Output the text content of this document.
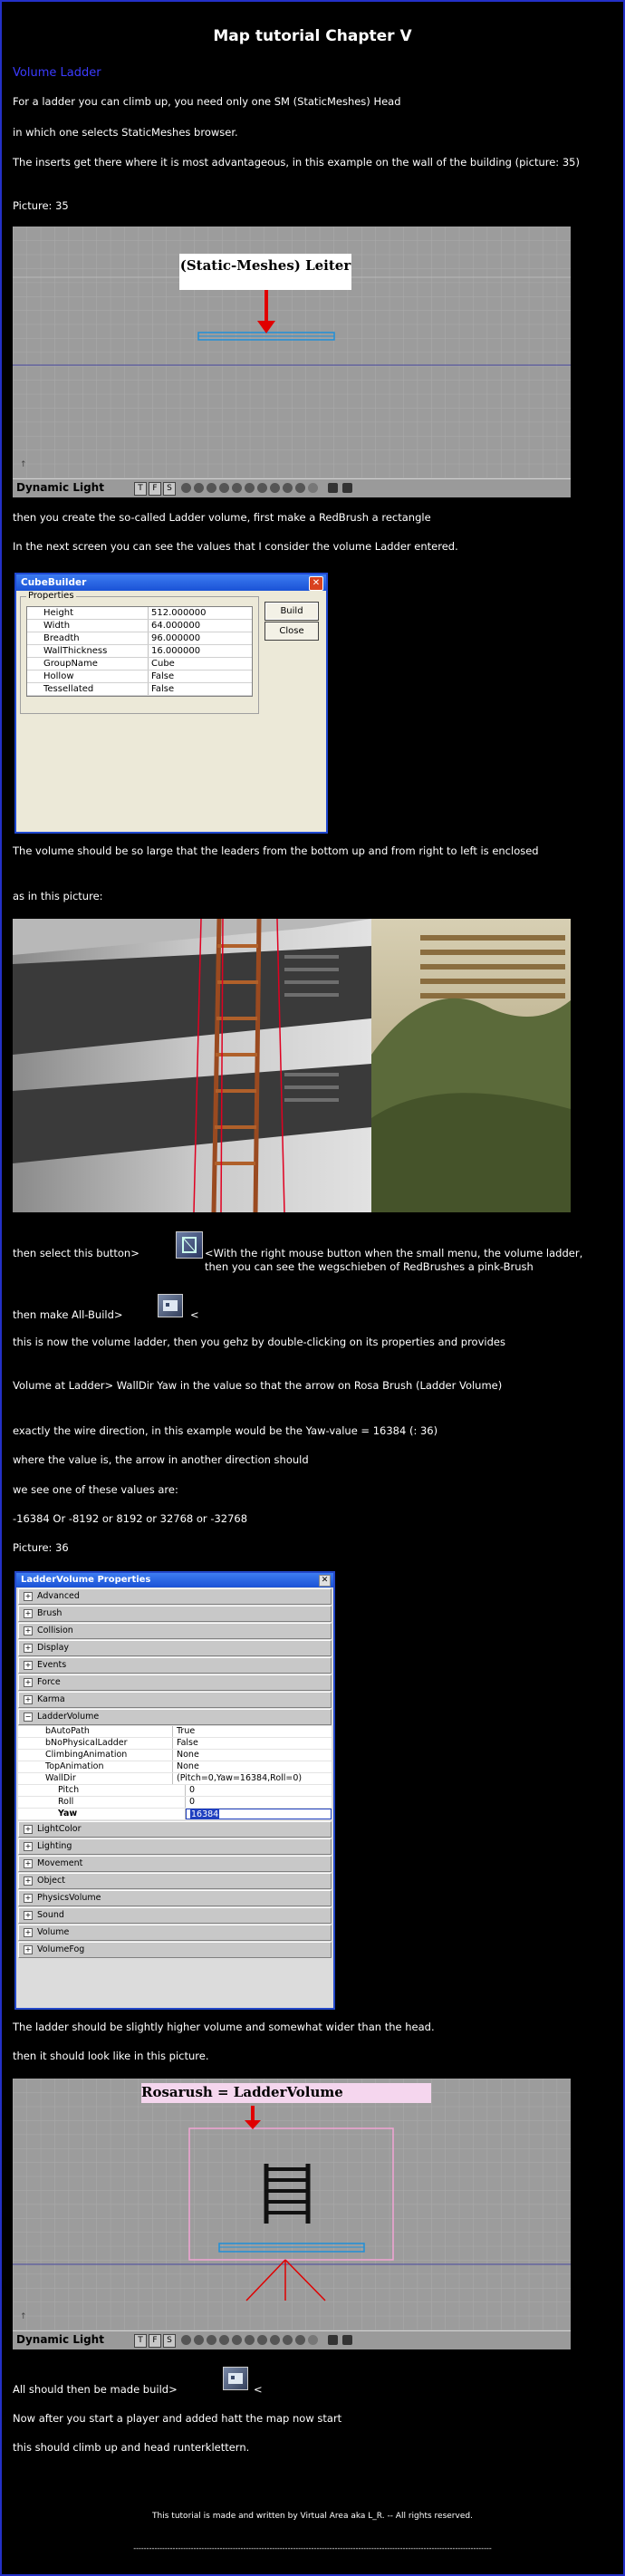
Map tutorial Chapter V
Volume Ladder
For a ladder you can climb up, you need only one SM (StaticMeshes) Head
in which one selects StaticMeshes browser.
The inserts get there where it is most advantageous, in this example on the wall of the building (picture: 35)
Picture: 35
↑
(Static-Meshes) Leiter
Dynamic Light	T	F	S
then you create the so-called Ladder volume, first make a RedBrush a rectangle
In the next screen you can see the values that I consider the volume Ladder entered.
CubeBuilder	✕
Properties
Height	512.000000
Width	64.000000
Breadth	96.000000
WallThickness	16.000000
GroupName	Cube
Hollow	False
Tessellated	False
Build
Close
The volume should be so large that the leaders from the bottom up and from right to left is enclosed
as in this picture:
then select this button>	<With the right mouse button when the small menu, the volume ladder, then you can see the wegschieben of RedBrushes a pink-Brush
then make All-Build>	<
this is now the volume ladder, then you gehz by double-clicking on its properties and provides
Volume at Ladder> WallDir Yaw in the value so that the arrow on Rosa Brush (Ladder Volume)
exactly the wire direction, in this example would be the Yaw-value = 16384 (: 36)
where the value is, the arrow in another direction should
we see one of these values are:
-16384 Or -8192 or 8192 or 32768 or -32768
Picture: 36
LadderVolume Properties	✕
+ Advanced
+ Brush
+ Collision
+ Display
+ Events
+ Force
+ Karma
− LadderVolume
bAutoPath	True
bNoPhysicalLadder	False
ClimbingAnimation	None
TopAnimation	None
WallDir	(Pitch=0,Yaw=16384,Roll=0)
Pitch	0
Roll	0
Yaw	16384
+ LightColor
+ Lighting
+ Movement
+ Object
+ PhysicsVolume
+ Sound
+ Volume
+ VolumeFog
The ladder should be slightly higher volume and somewhat wider than the head.
then it should look like in this picture.
↑
Rosarush = LadderVolume
Dynamic Light	T	F	S
All should then be made build>	<
Now after you start a player and added hatt the map now start
this should climb up and head runterklettern.
This tutorial is made and written by Virtual Area aka L_R. -- All rights reserved.
-----------------------------------------------------------------------------------------------------------------------------------------
